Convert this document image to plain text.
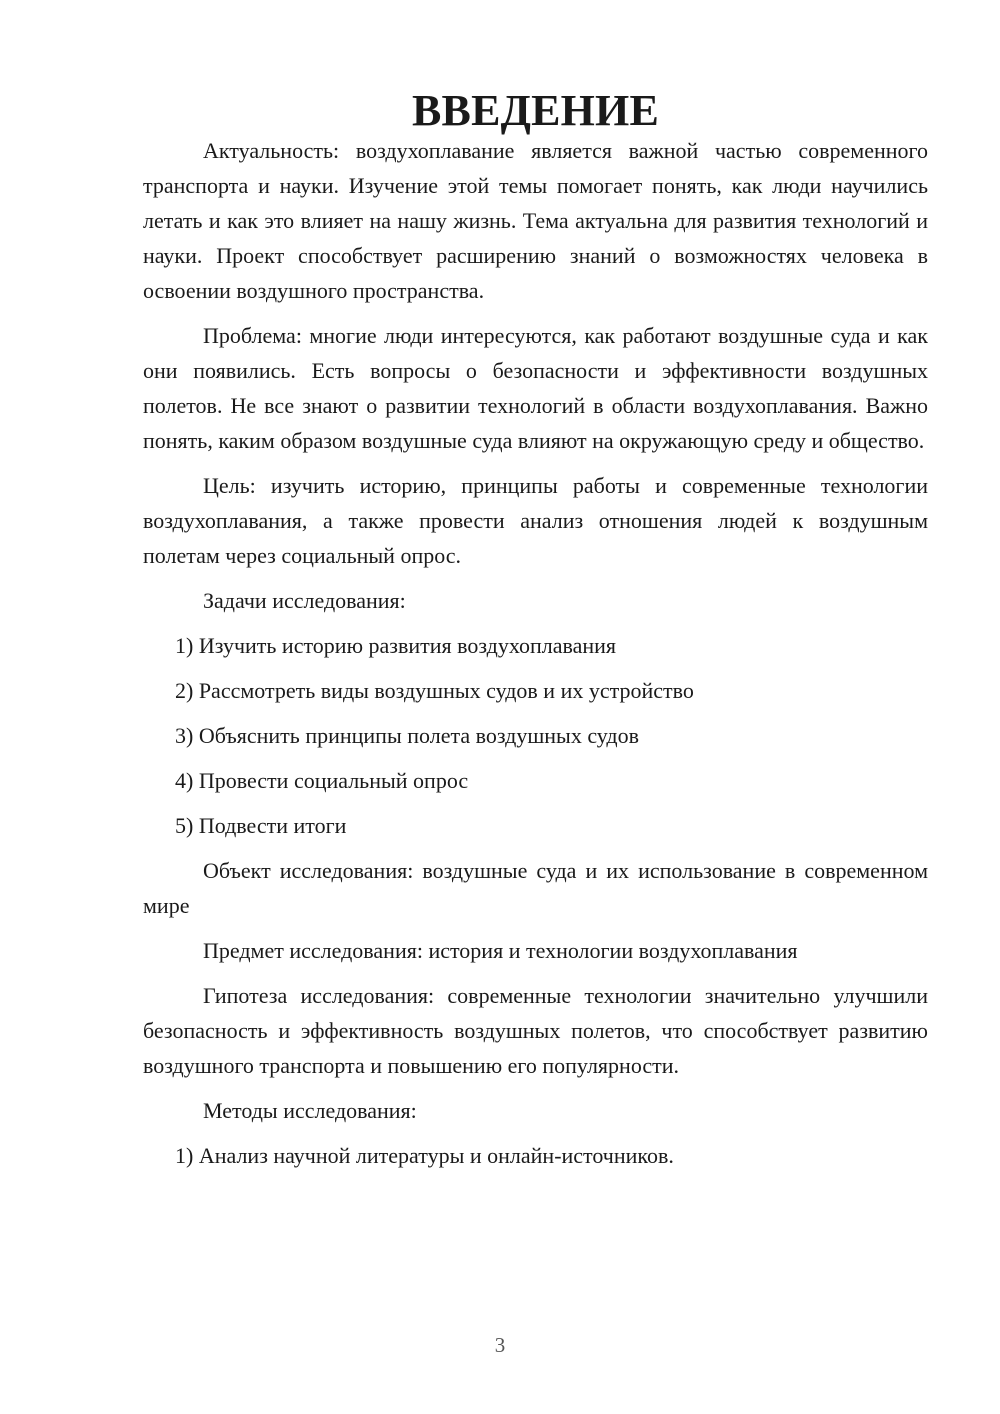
ВВЕДЕНИЕ

Актуальность: воздухоплавание является важной частью современного транспорта и науки. Изучение этой темы помогает понять, как люди научились летать и как это влияет на нашу жизнь. Тема актуальна для развития технологий и науки. Проект способствует расширению знаний о возможностях человека в освоении воздушного пространства.

Проблема: многие люди интересуются, как работают воздушные суда и как они появились. Есть вопросы о безопасности и эффективности воздушных полетов. Не все знают о развитии технологий в области воздухоплавания. Важно понять, каким образом воздушные суда влияют на окружающую среду и общество.

Цель: изучить историю, принципы работы и современные технологии воздухоплавания, а также провести анализ отношения людей к воздушным полетам через социальный опрос.

Задачи исследования:

1) Изучить историю развития воздухоплавания
2) Рассмотреть виды воздушных судов и их устройство
3) Объяснить принципы полета воздушных судов
4) Провести социальный опрос
5) Подвести итоги

Объект исследования: воздушные суда и их использование в современном мире

Предмет исследования: история и технологии воздухоплавания

Гипотеза исследования: современные технологии значительно улучшили безопасность и эффективность воздушных полетов, что способствует развитию воздушного транспорта и повышению его популярности.

Методы исследования:

1) Анализ научной литературы и онлайн-источников.
3
